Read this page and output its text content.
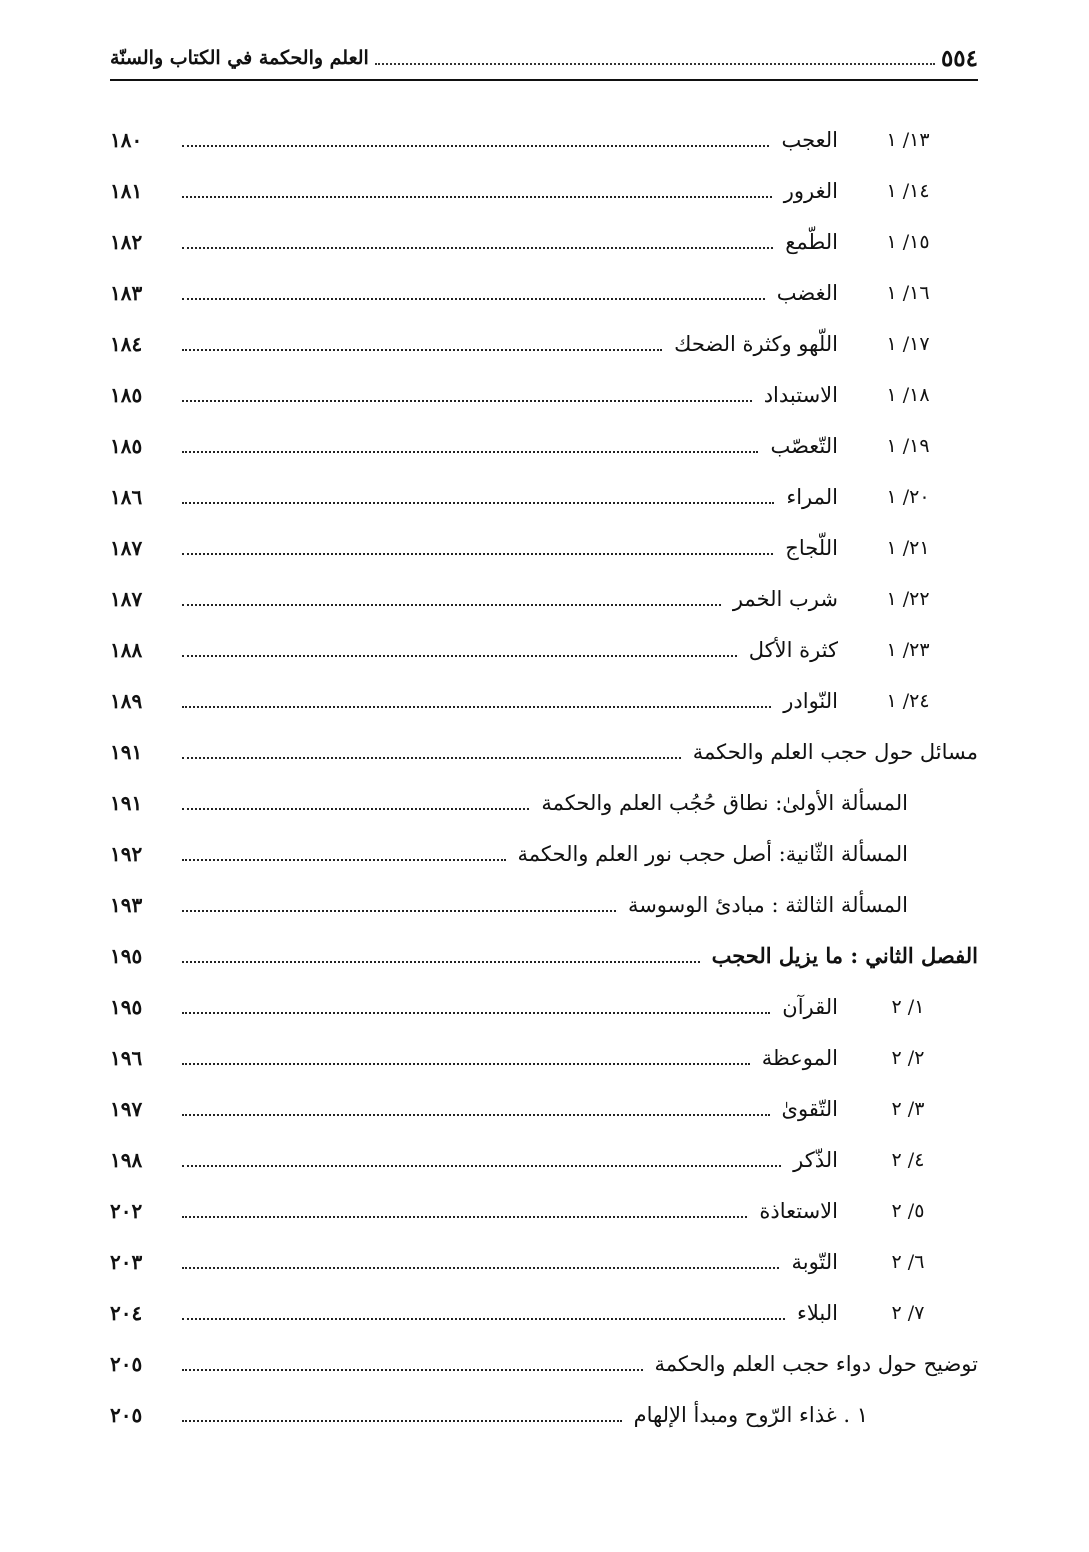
٥٥٤
العلم والحكمة في الكتاب والسنّة
١٣/ ١
العجب
١٨٠
١٤/ ١
الغرور
١٨١
١٥/ ١
الطّمع
١٨٢
١٦/ ١
الغضب
١٨٣
١٧/ ١
اللّهو وكثرة الضحك
١٨٤
١٨/ ١
الاستبداد
١٨٥
١٩/ ١
التّعصّب
١٨٥
٢٠/ ١
المراء
١٨٦
٢١/ ١
اللّجاج
١٨٧
٢٢/ ١
شرب الخمر
١٨٧
٢٣/ ١
كثرة الأكل
١٨٨
٢٤/ ١
النّوادر
١٨٩
مسائل حول حجب العلم والحكمة
١٩١
المسألة الأولىٰ: نطاق حُجُب العلم والحكمة
١٩١
المسألة الثّانية: أصل حجب نور العلم والحكمة
١٩٢
المسألة الثالثة : مبادئ الوسوسة
١٩٣
الفصل الثاني : ما يزيل الحجب
١٩٥
١/ ٢
القرآن
١٩٥
٢/ ٢
الموعظة
١٩٦
٣/ ٢
التّقوىٰ
١٩٧
٤/ ٢
الذّكر
١٩٨
٥/ ٢
الاستعاذة
٢٠٢
٦/ ٢
التّوبة
٢٠٣
٧/ ٢
البلاء
٢٠٤
توضيح حول دواء حجب العلم والحكمة
٢٠٥
١ . غذاء الرّوح ومبدأ الإلهام
٢٠٥
